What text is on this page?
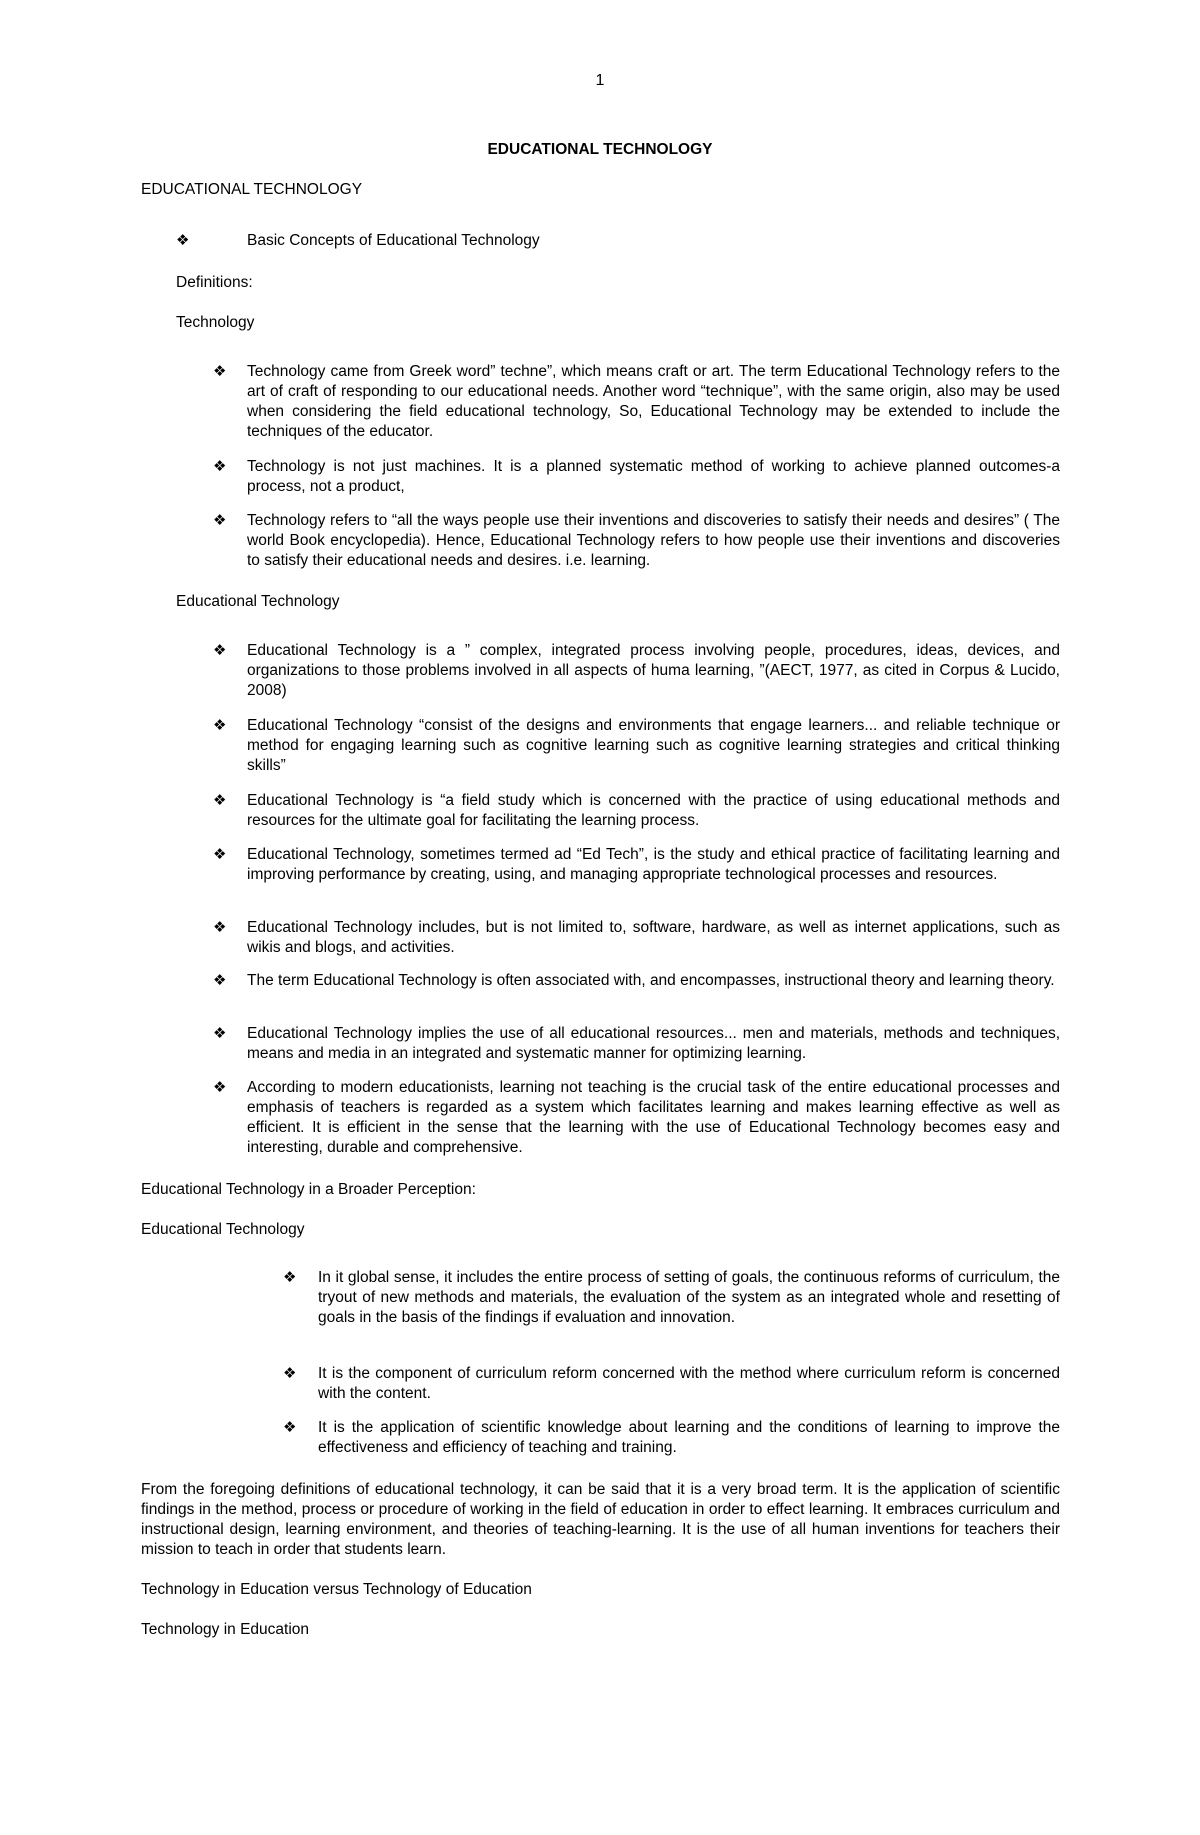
1
EDUCATIONAL TECHNOLOGY
EDUCATIONAL TECHNOLOGY
❖	Basic Concepts of Educational Technology
Definitions:
Technology
❖	Technology came from Greek word” techne”, which means craft or art. The term Educational Technology refers to the art of craft of responding to our educational needs. Another word “technique”, with the same origin, also may be used when considering the field educational technology, So, Educational Technology may be extended to include the techniques of the educator.
❖	Technology is not just machines. It is a planned systematic method of working to achieve planned outcomes-a process, not a product,
❖	Technology refers to “all the ways people use their inventions and discoveries to satisfy their needs and desires” ( The world Book encyclopedia). Hence, Educational Technology refers to how people use their inventions and discoveries to satisfy their educational needs and desires. i.e. learning.
Educational Technology
❖	Educational Technology is a ” complex, integrated process involving people, procedures, ideas, devices, and organizations to those problems involved in all aspects of huma learning, ”(AECT, 1977, as cited in Corpus & Lucido, 2008)
❖	Educational Technology “consist of the designs and environments that engage learners... and reliable technique or method for engaging learning such as cognitive learning such as cognitive learning strategies and critical thinking skills”
❖	Educational Technology is “a field study which is concerned with the practice of using educational methods and resources for the ultimate goal for facilitating the learning process.
❖	Educational Technology, sometimes termed ad “Ed Tech”, is the study and ethical practice of facilitating learning and improving performance by creating, using, and managing appropriate technological processes and resources.
❖	Educational Technology includes, but is not limited to, software, hardware, as well as internet applications, such as wikis and blogs, and activities.
❖	The term Educational Technology is often associated with, and encompasses, instructional theory and learning theory.
❖	Educational Technology implies the use of all educational resources... men and materials, methods and techniques, means and media in an integrated and systematic manner for optimizing learning.
❖	According to modern educationists, learning not teaching is the crucial task of the entire educational processes and emphasis of teachers is regarded as a system which facilitates learning and makes learning effective as well as efficient. It is efficient in the sense that the learning with the use of Educational Technology becomes easy and interesting, durable and comprehensive.
Educational Technology in a Broader Perception:
Educational Technology
❖	In it global sense, it includes the entire process of setting of goals, the continuous reforms of curriculum, the tryout of new methods and materials, the evaluation of the system as an integrated whole and resetting of goals in the basis of the findings if evaluation and innovation.
❖	It is the component of curriculum reform concerned with the method where curriculum reform is concerned with the content.
❖	It is the application of scientific knowledge about learning and the conditions of learning to improve the effectiveness and efficiency of teaching and training.
From the foregoing definitions of educational technology, it can be said that it is a very broad term. It is the application of scientific findings in the method, process or procedure of working in the field of education in order to effect learning. It embraces curriculum and instructional design, learning environment, and theories of teaching-learning. It is the use of all human inventions for teachers their mission to teach in order that students learn.
Technology in Education versus Technology of Education
Technology in Education
